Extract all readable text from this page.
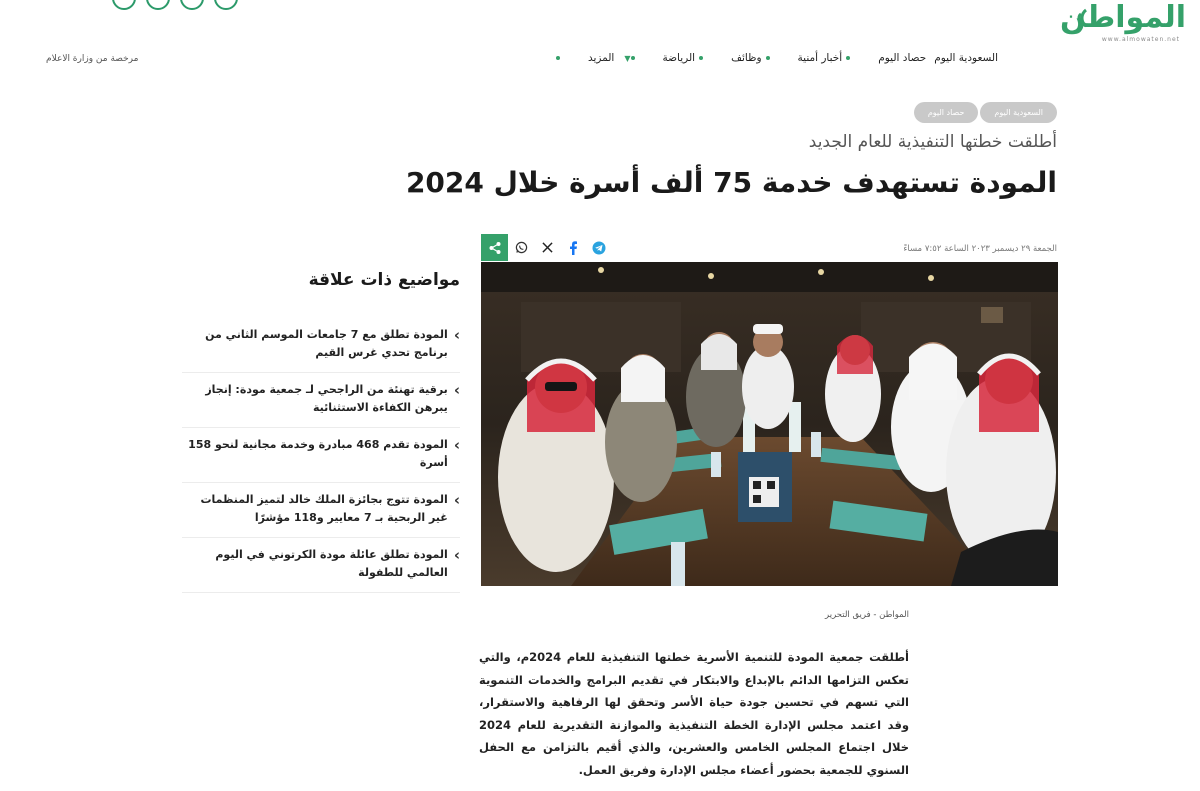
المواطن
www.almowaten.net
مرخصة من وزارة الاعلام	السعودية اليوم
حصاد اليوم
أخبار أمنية
وظائف
الرياضة
المزيد	▼
السعودية اليوم
حصاد اليوم
أطلقت خطتها التنفيذية للعام الجديد
المودة تستهدف خدمة 75 ألف أسرة خلال 2024
الجمعة ٢٩ ديسمبر ٢٠٢٣ الساعة ٧:٥٢ مساءً
المواطن - فريق التحرير
مواضيع ذات علاقة
‹
المودة تطلق مع 7 جامعات الموسم الثاني من برنامج تحدي غرس القيم
‹
برقية تهنئة من الراجحي لـ جمعية مودة: إنجاز يبرهن الكفاءة الاستثنائية
‹
المودة تقدم 468 مبادرة وخدمة مجانية لنحو 158 أسرة
‹
المودة تتوج بجائزة الملك خالد لتميز المنظمات غير الربحية بـ 7 معايير و118 مؤشرًا
‹
المودة تطلق عائلة مودة الكرتوني في اليوم العالمي للطفولة

أطلقت جمعية المودة للتنمية الأسرية خطتها التنفيذية للعام 2024م، والتي تعكس التزامها الدائم بالإبداع والابتكار في تقديم البرامج والخدمات التنموية التي تسهم في تحسين جودة حياة الأسر وتحقق لها الرفاهية والاستقرار، وقد اعتمد مجلس الإدارة الخطة التنفيذية والموازنة التقديرية للعام 2024 خلال اجتماع المجلس الخامس والعشرين، والذي أقيم بالتزامن مع الحفل السنوي للجمعية بحضور أعضاء مجلس الإدارة وفريق العمل.
